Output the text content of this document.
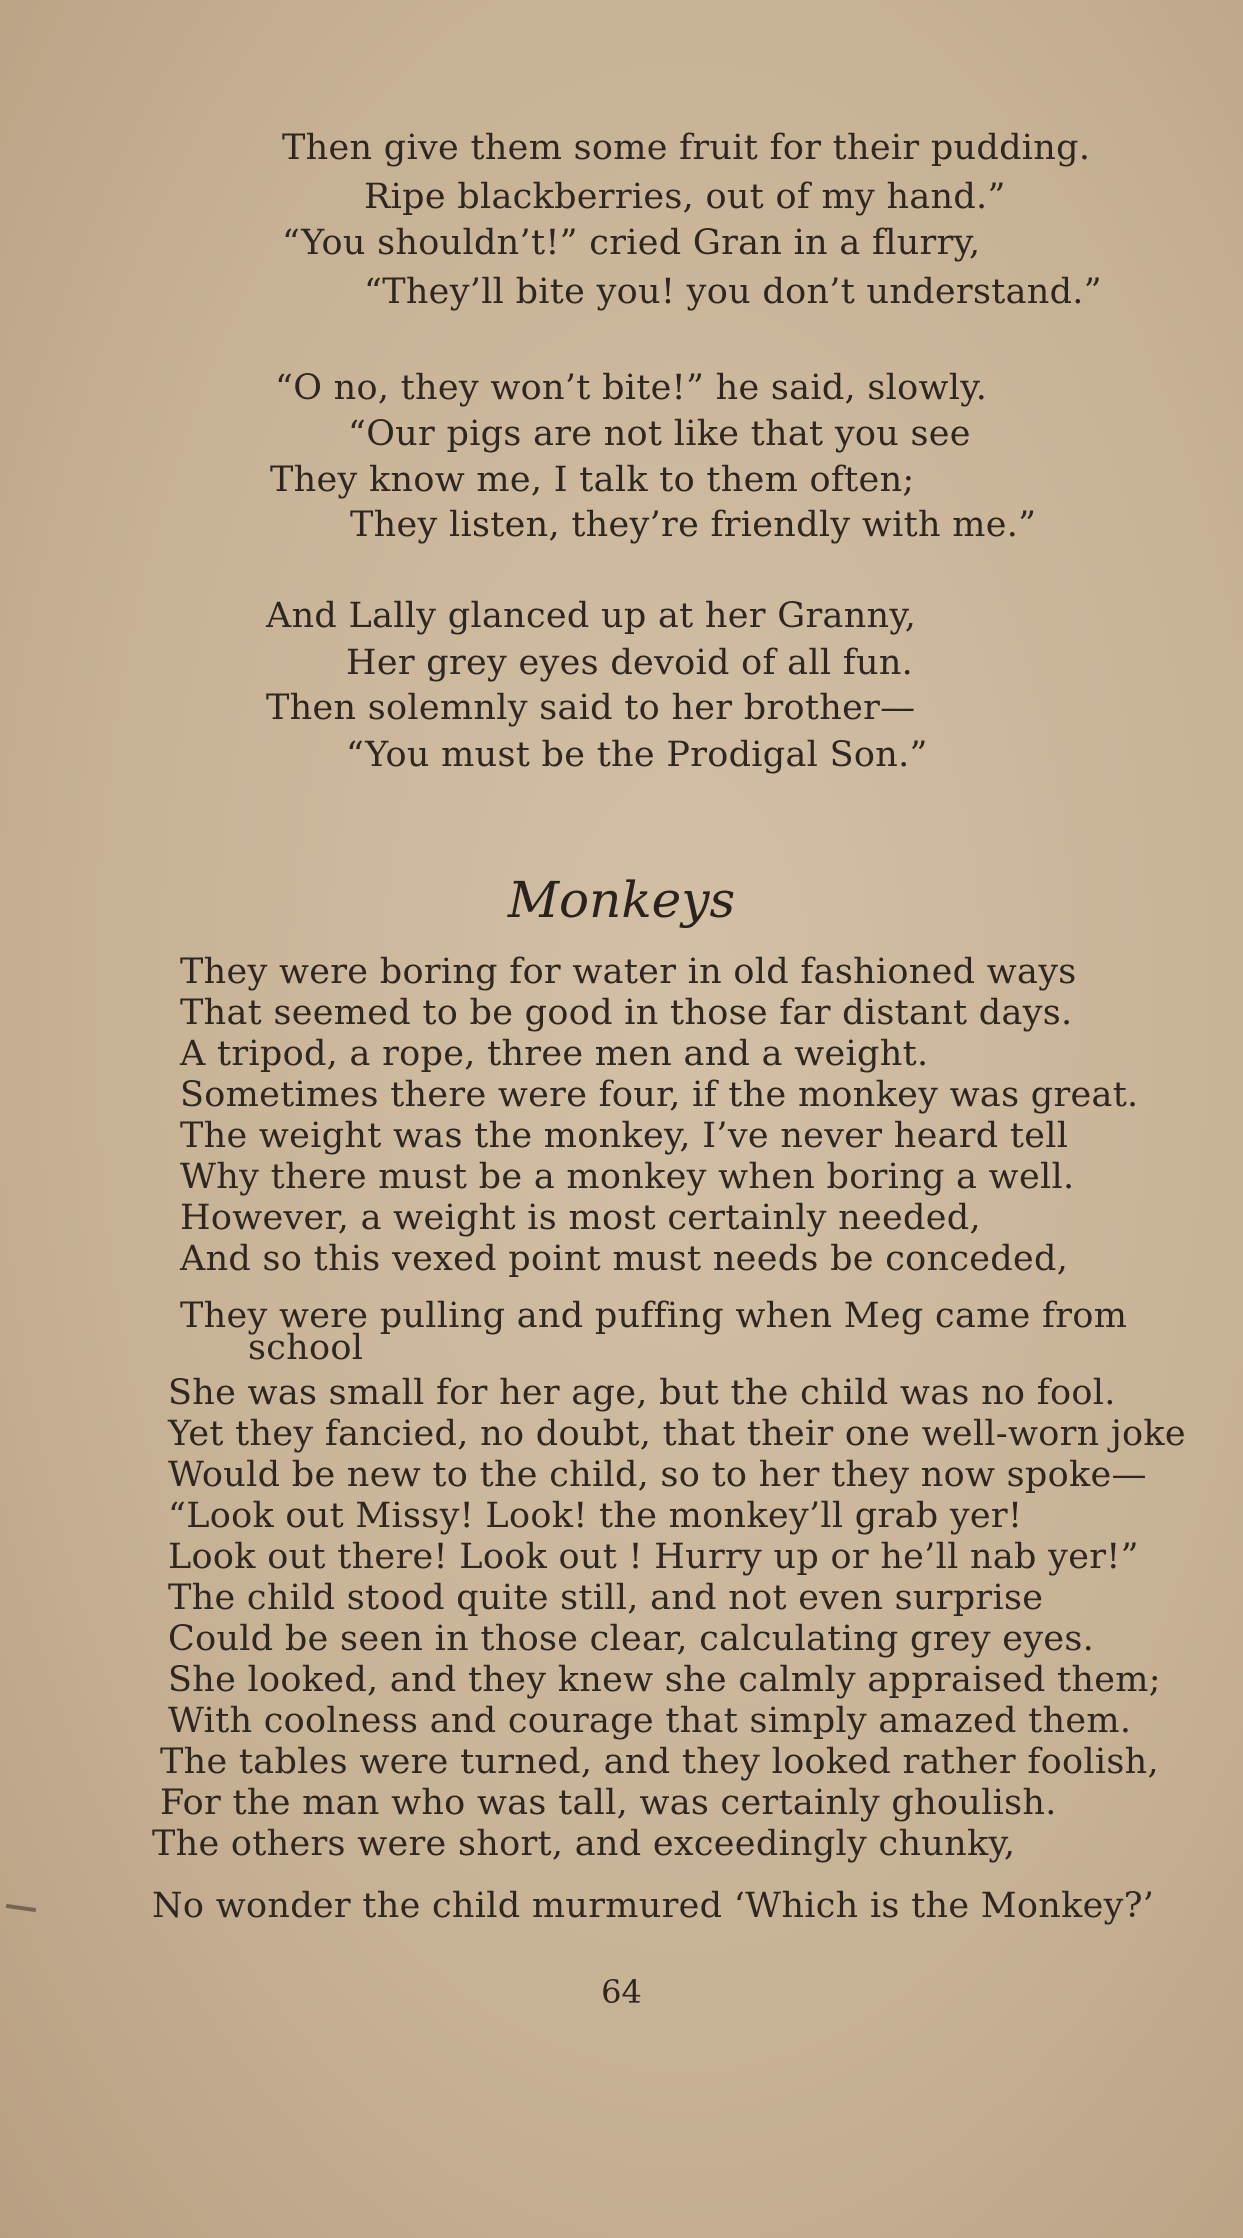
Then give them some fruit for their pudding.
Ripe blackberries, out of my hand.”
“You shouldn’t!” cried Gran in a flurry,
“They’ll bite you! you don’t understand.”
“O no, they won’t bite!” he said, slowly.
“Our pigs are not like that you see
They know me, I talk to them often;
They listen, they’re friendly with me.”
And Lally glanced up at her Granny,
Her grey eyes devoid of all fun.
Then solemnly said to her brother—
“You must be the Prodigal Son.”
Monkeys
They were boring for water in old fashioned ways
That seemed to be good in those far distant days.
A tripod, a rope, three men and a weight.
Sometimes there were four, if the monkey was great.
The weight was the monkey, I’ve never heard tell
Why there must be a monkey when boring a well.
However, a weight is most certainly needed,
And so this vexed point must needs be conceded,
They were pulling and puffing when Meg came from
school
She was small for her age, but the child was no fool.
Yet they fancied, no doubt, that their one well-worn joke
Would be new to the child, so to her they now spoke—
“Look out Missy! Look! the monkey’ll grab yer!
Look out there! Look out ! Hurry up or he’ll nab yer!”
The child stood quite still, and not even surprise
Could be seen in those clear, calculating grey eyes.
She looked, and they knew she calmly appraised them;
With coolness and courage that simply amazed them.
The tables were turned, and they looked rather foolish,
For the man who was tall, was certainly ghoulish.
The others were short, and exceedingly chunky,
No wonder the child murmured ‘Which is the Monkey?’
64
